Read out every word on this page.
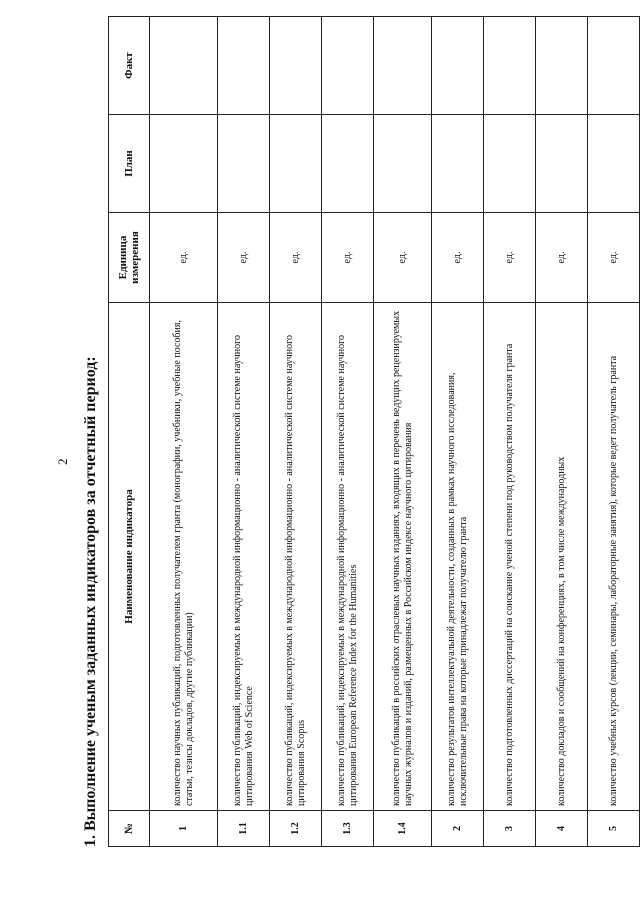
2 1. Выполнение ученым заданных индикаторов за отчетный период: №	Наименование индикатора	Единица измерения	План	Факт
1	количество научных публикаций, подготовленных получателем гранта (монографии, учебники, учебные пособия, статьи, тезисы докладов, другие публикации)	ед.		
1.1	количество публикаций, индексируемых в международной информационно - аналитической системе научного цитирования Web of Science	ед.		
1.2	количество публикаций, индексируемых в международной информационно - аналитической системе научного цитирования Scopus	ед.		
1.3	количество публикаций, индексируемых в международной информационно - аналитической системе научного цитирования European Reference Index for the Humanities	ед.		
1.4	количество публикаций в российских отраслевых научных изданиях, входящих в перечень ведущих рецензируемых научных журналов и изданий, размещенных в Российском индексе научного цитирования	ед.		
2	количество результатов интеллектуальной деятельности, созданных в рамках научного исследования, исключительные права на которые принадлежат получателю гранта	ед.		
3	количество подготовленных диссертаций на соискание ученой степени под руководством получателя гранта	ед.		
4	количество докладов и сообщений на конференциях, в том числе международных	ед.		
5	количество учебных курсов (лекции, семинары, лабораторные занятия), которые ведет получатель гранта	ед.		
